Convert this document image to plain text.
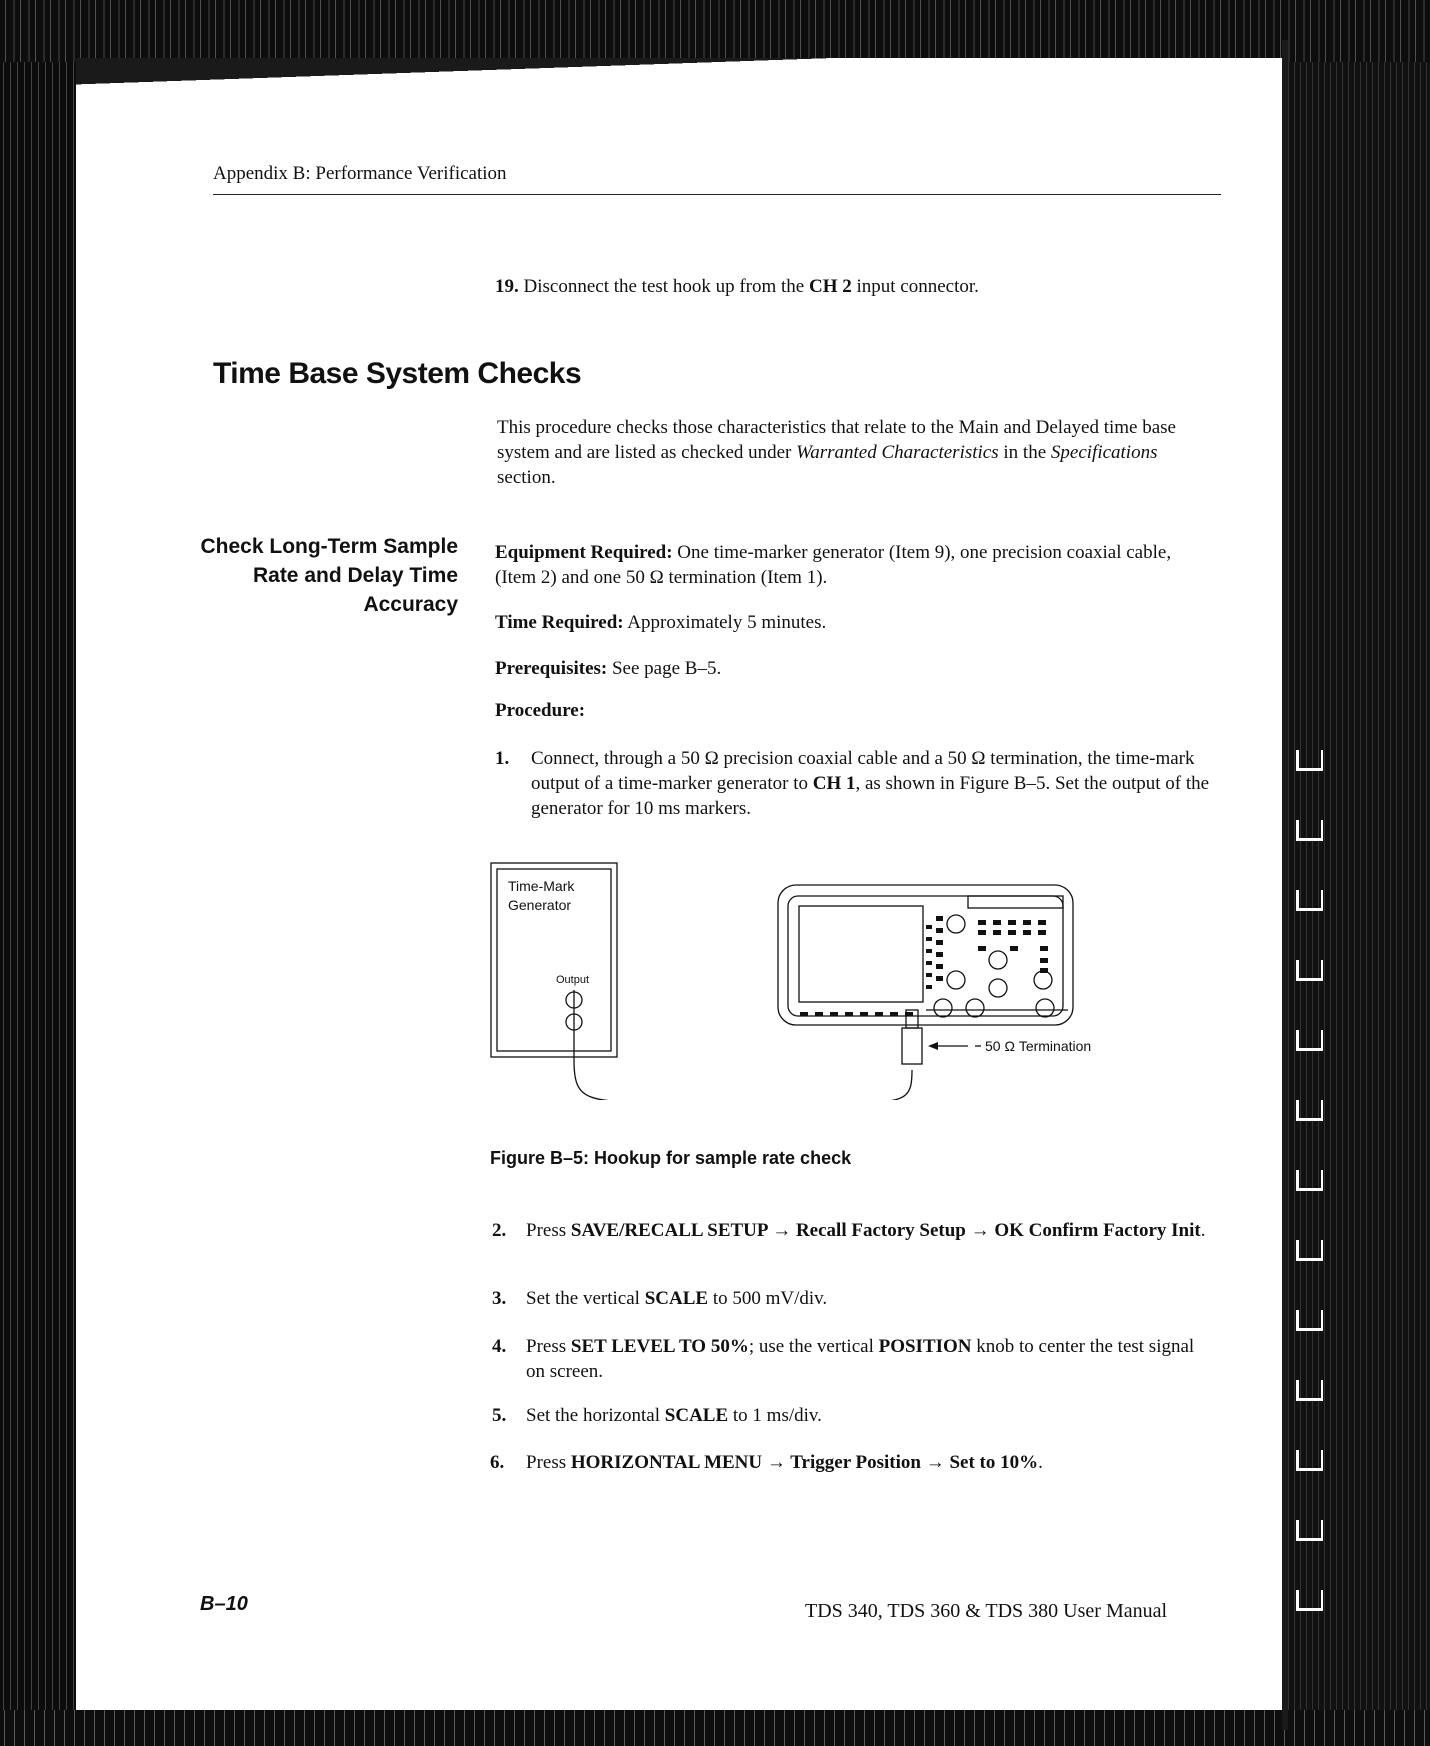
Appendix B: Performance Verification
19. Disconnect the test hook up from the CH 2 input connector.
Time Base System Checks
This procedure checks those characteristics that relate to the Main and Delayed time base system and are listed as checked under Warranted Characteristics in the Specifications section.
Check Long-Term Sample
Rate and Delay Time
Accuracy
Equipment Required: One time-marker generator (Item 9), one precision coaxial cable, (Item 2) and one 50 Ω termination (Item 1).
Time Required: Approximately 5 minutes.
Prerequisites: See page B–5.
Procedure:
1. Connect, through a 50 Ω precision coaxial cable and a 50 Ω termination, the time-mark output of a time-marker generator to CH 1, as shown in Figure B–5. Set the output of the generator for 10 ms markers.
Time-Mark
Generator
Output
50 Ω Termination
Figure B–5: Hookup for sample rate check
2. Press SAVE/RECALL SETUP → Recall Factory Setup → OK Confirm Factory Init.
3. Set the vertical SCALE to 500 mV/div.
4. Press SET LEVEL TO 50%; use the vertical POSITION knob to center the test signal on screen.
5. Set the horizontal SCALE to 1 ms/div.
6. Press HORIZONTAL MENU → Trigger Position → Set to 10%.
B–10	TDS 340, TDS 360 & TDS 380 User Manual
